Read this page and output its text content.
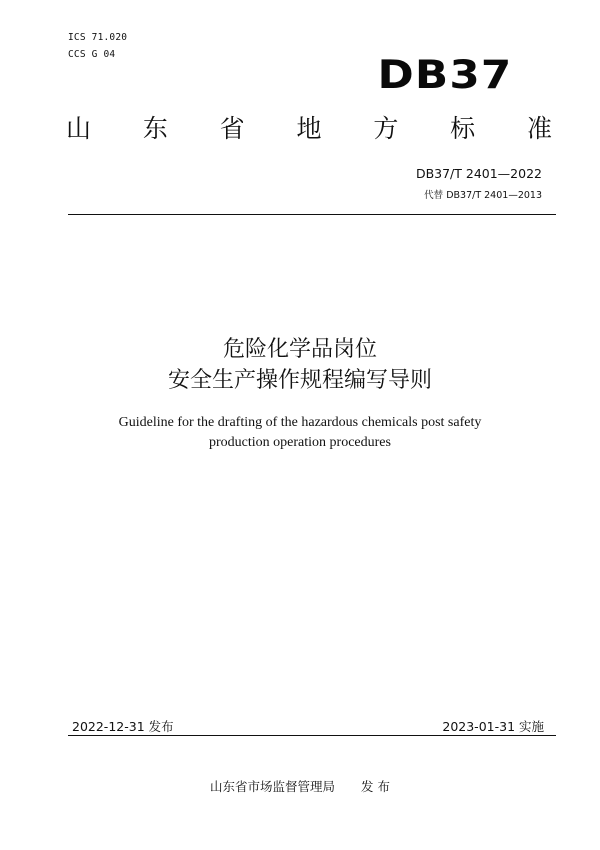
ICS 71.020
CCS G 04	DB37
山 东 省 地 方 标 准
DB37/T 2401—2022
代替 DB37/T 2401—2013
危险化学品岗位
安全生产操作规程编写导则
Guideline for the drafting of the hazardous chemicals post safety production operation procedures
2022-12-31 发布	2023-01-31 实施
山东省市场监督管理局 发 布
